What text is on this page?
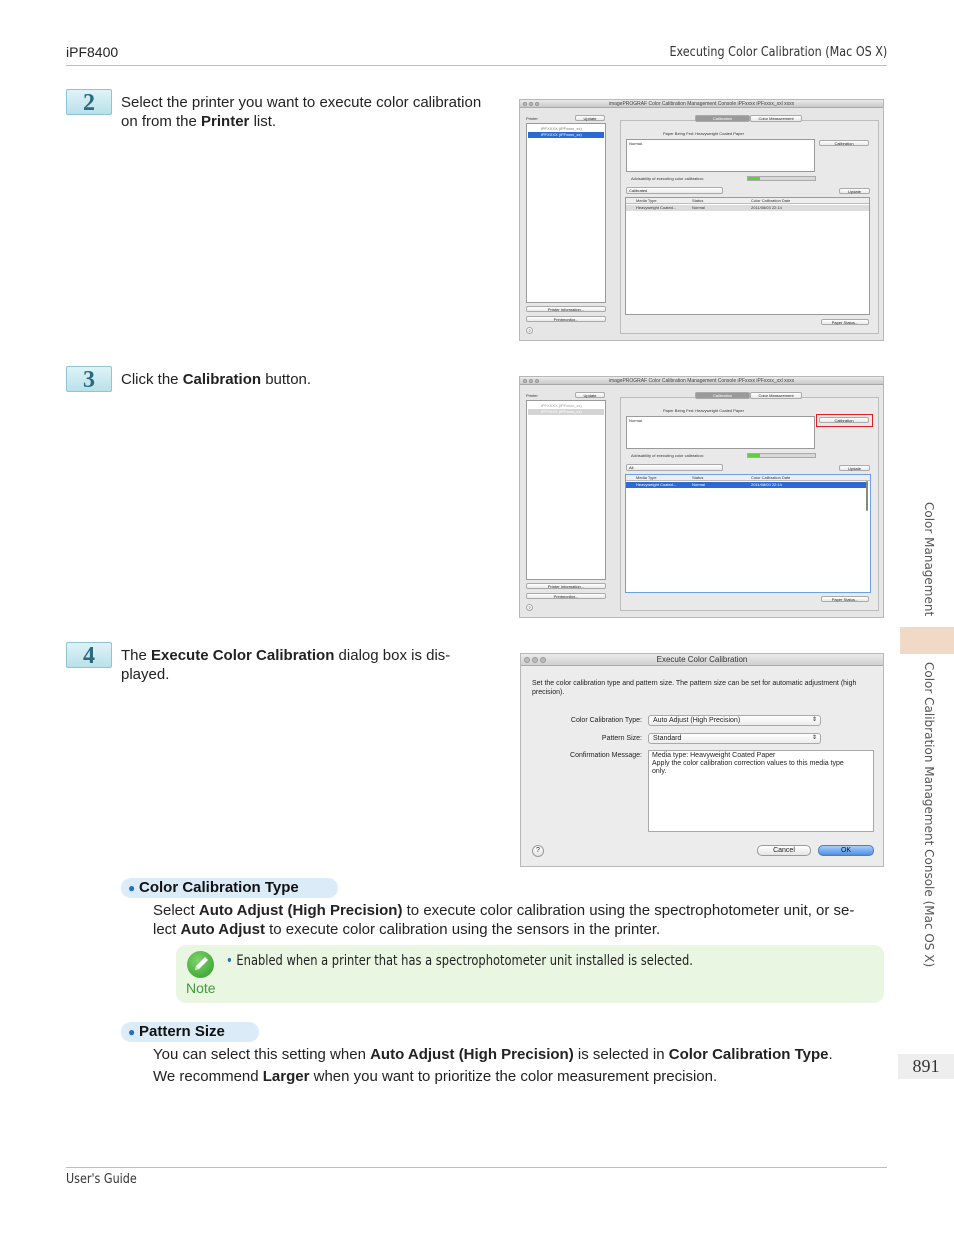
iPF8400	Executing Color Calibration (Mac OS X)
Color Management
Color Calibration Management Console (Mac OS X)
891
2	Select the printer you want to execute color calibration on from the Printer list.
imagePROGRAF Color Calibration Management Console iPFxxxx iPFxxxx_xxl xxxx
Printer	Update
iPFXXXX (iPFxxxx_xx)
iPFXXXX (iPFxxxx_xx)
Printer Information...
Printmonitor...
?
Calibration	Color Measurement
Paper Being Fed: Heavyweight Coated Paper
Normal.	Calibration
Advisability of executing color calibration:
Calibrated	Update
Media Type	Status	Color Calibration Date
Heavyweight Coated...	Normal	2011/08/03 22:14
Paper Status...
3	Click the Calibration button.	imagePROGRAF Color Calibration Management Console iPFxxxx iPFxxxx_xxl xxxx
Printer	Update
iPFXXXX (iPFxxxx_xx)
iPFXXXX (iPFxxxx_xx)
Printer Information...
Printmonitor...
?
Calibration	Color Measurement
Paper Being Fed: Heavyweight Coated Paper
Normal.	Calibration
Advisability of executing color calibration:
All	Update
Media Type	Status	Color Calibration Date
Heavyweight Coated...	Normal	2011/08/03 22:14
Paper Status...
4	The Execute Color Calibration dialog box is dis-played.
Execute Color Calibration
Set the color calibration type and pattern size. The pattern size can be set for automatic adjustment (high precision).
Color Calibration Type:	Auto Adjust (High Precision)	⇕
Pattern Size:	Standard	⇕
Confirmation Message: Media type: Heavyweight Coated Paper
Apply the color calibration correction values to this media type only.
?	Cancel	OK
● Color Calibration Type
Select Auto Adjust (High Precision) to execute color calibration using the spectrophotometer unit, or se-
lect Auto Adjust to execute color calibration using the sensors in the printer.
Note
• Enabled when a printer that has a spectrophotometer unit installed is selected.
● Pattern Size
You can select this setting when Auto Adjust (High Precision) is selected in Color Calibration Type.
We recommend Larger when you want to prioritize the color measurement precision.
User's Guide
